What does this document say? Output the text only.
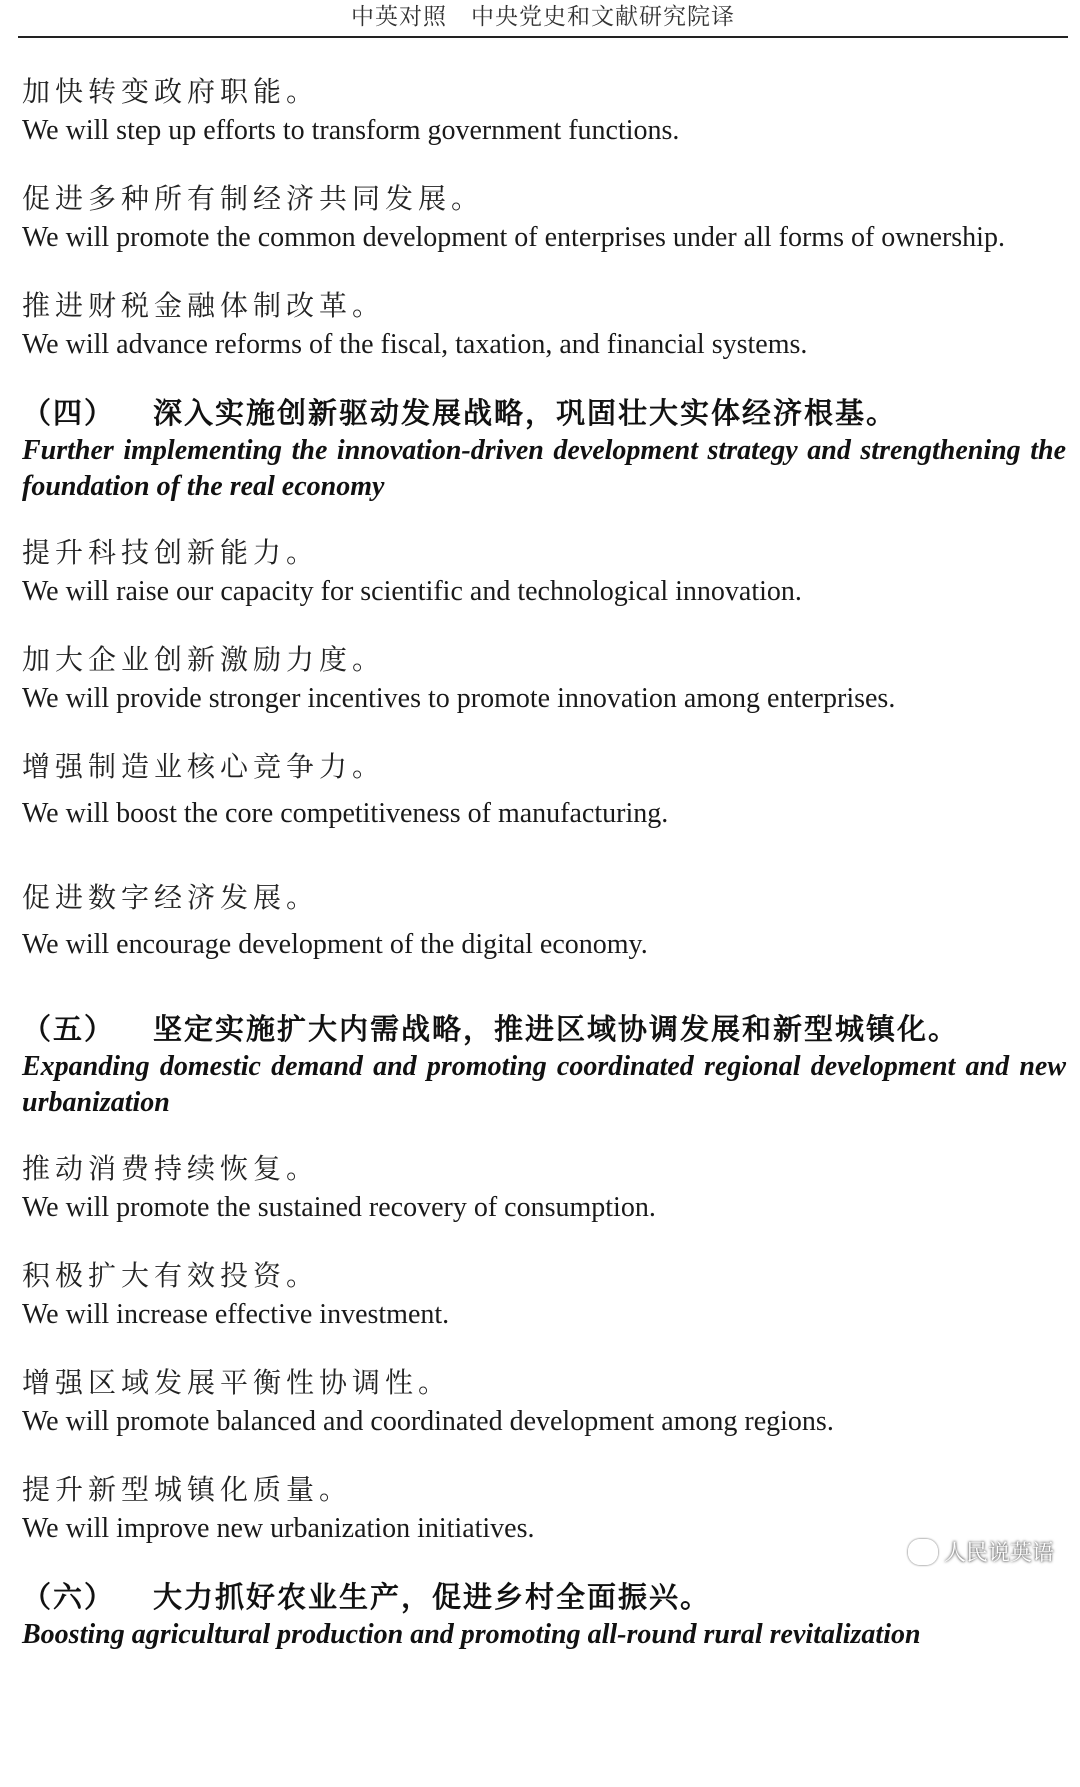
中英对照　中央党史和文献研究院译

加快转变政府职能。

We will step up efforts to transform government functions.

促进多种所有制经济共同发展。

We will promote the common development of enterprises under all forms of ownership.

推进财税金融体制改革。

We will advance reforms of the fiscal, taxation, and financial systems.

（四） 深入实施创新驱动发展战略，巩固壮大实体经济根基。

Further implementing the innovation-driven development strategy and strengthening the foundation of the real economy

提升科技创新能力。

We will raise our capacity for scientific and technological innovation.

加大企业创新激励力度。

We will provide stronger incentives to promote innovation among enterprises.

增强制造业核心竞争力。

We will boost the core competitiveness of manufacturing.

促进数字经济发展。

We will encourage development of the digital economy.

（五） 坚定实施扩大内需战略，推进区域协调发展和新型城镇化。

Expanding domestic demand and promoting coordinated regional development and new urbanization

推动消费持续恢复。

We will promote the sustained recovery of consumption.

积极扩大有效投资。

We will increase effective investment.

增强区域发展平衡性协调性。

We will promote balanced and coordinated development among regions.

提升新型城镇化质量。

We will improve new urbanization initiatives.

（六） 大力抓好农业生产，促进乡村全面振兴。

Boosting agricultural production and promoting all-round rural revitalization

人民说英语
